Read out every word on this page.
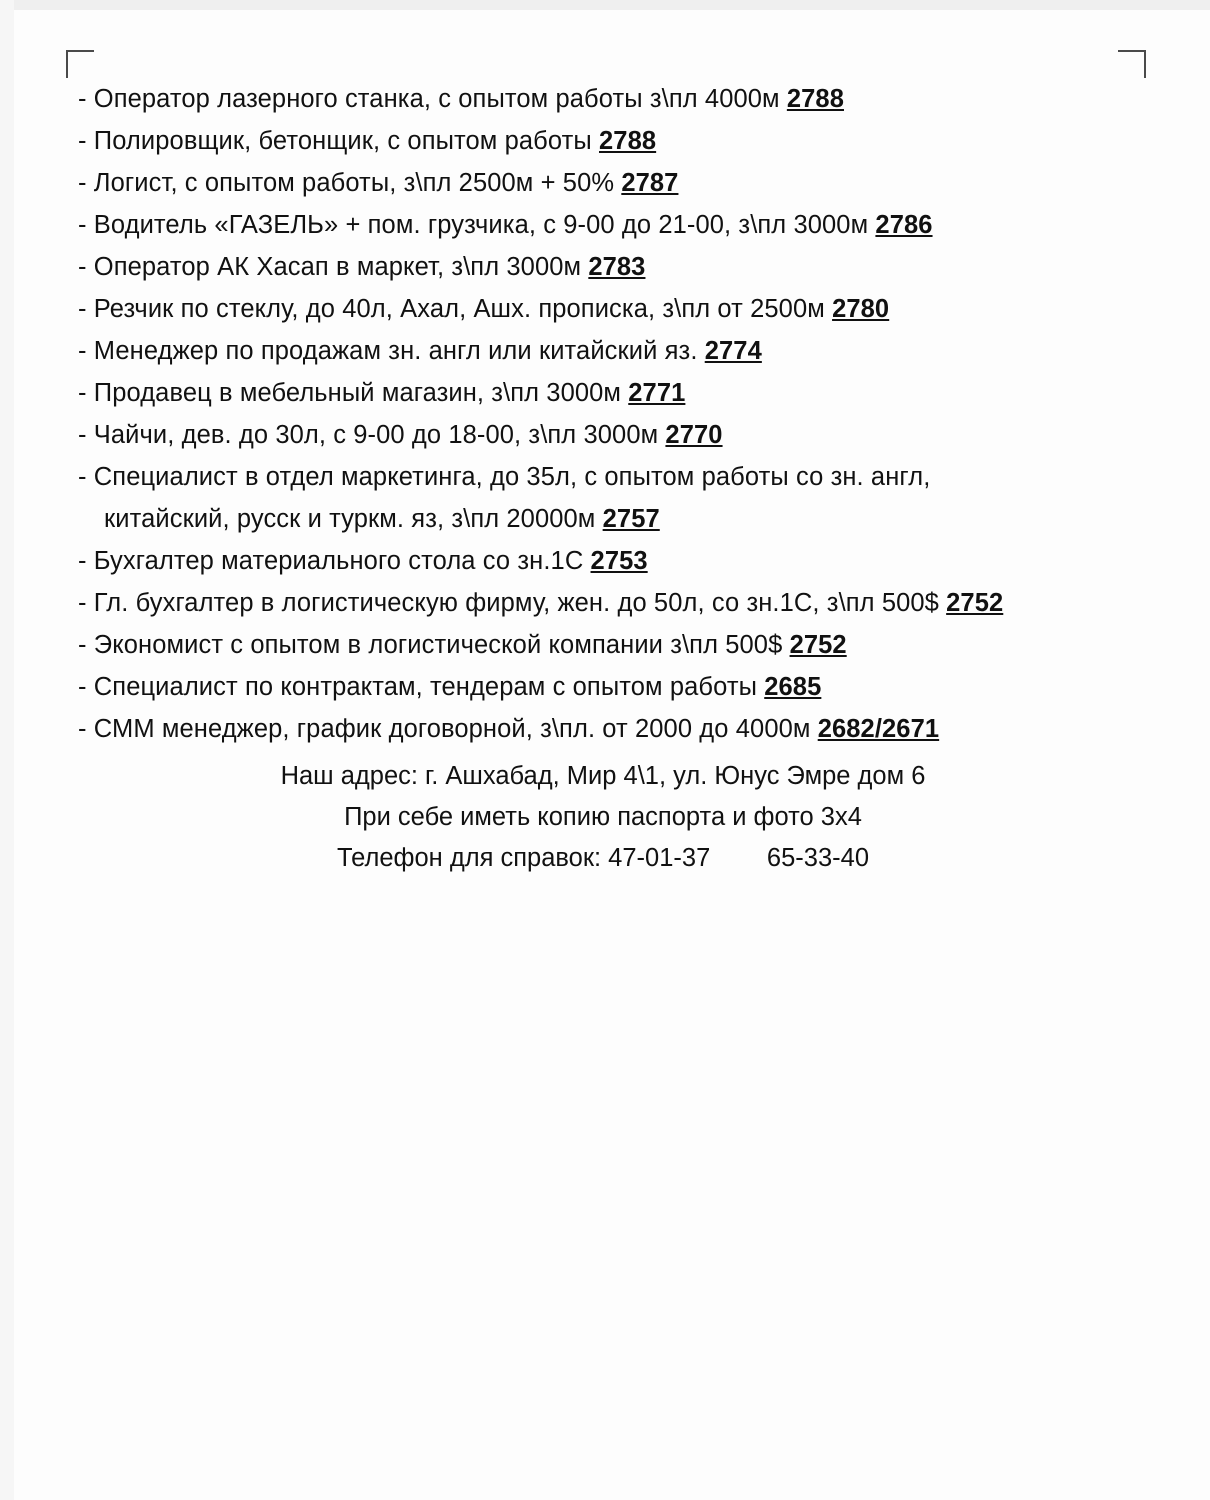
- Оператор лазерного станка, с опытом работы з\пл 4000м 2788
- Полировщик, бетонщик, с опытом работы 2788
- Логист, с опытом работы, з\пл 2500м + 50% 2787
- Водитель «ГАЗЕЛЬ» + пом. грузчика, с 9-00 до 21-00, з\пл 3000м 2786
- Оператор АК Хасап в маркет, з\пл 3000м 2783
- Резчик по стеклу, до 40л, Ахал, Ашх. прописка, з\пл от 2500м 2780
- Менеджер по продажам зн. англ или китайский яз. 2774
- Продавец в мебельный магазин, з\пл 3000м 2771
- Чайчи, дев. до 30л, с 9-00 до 18-00, з\пл 3000м 2770
- Специалист в отдел маркетинга, до 35л, с опытом работы со зн. англ,
китайский, русск и туркм. яз, з\пл 20000м 2757
- Бухгалтер материального стола со зн.1С 2753
- Гл. бухгалтер в логистическую фирму, жен. до 50л, со зн.1С, з\пл 500$ 2752
- Экономист с опытом в логистической компании з\пл 500$ 2752
- Специалист по контрактам, тендерам с опытом работы 2685
- СММ менеджер, график договорной, з\пл. от 2000 до 4000м 2682/2671
Наш адрес: г. Ашхабад, Мир 4\1, ул. Юнус Эмре дом 6
При себе иметь копию паспорта и фото 3х4
Телефон для справок: 47-01-37        65-33-40
